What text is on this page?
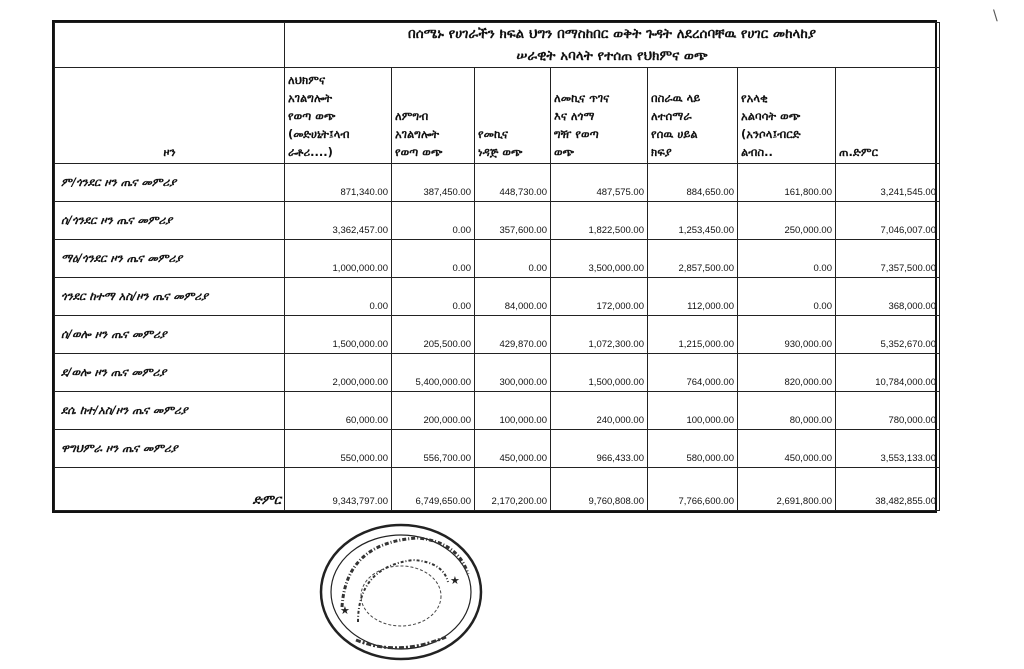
\

	በሰሜኑ የሀገራችን ክፍል ህግን በማስከበር ወቅት ጉዳት ለደረሰባቸዉ የሀገር መከላከያ
ሠራዊት አባላት የተሰጠ የህክምና ወጭ						

ዞን	ለህክምና
አገልግሎት
የወጣ ወጭ
(መድሀኒት፤ላብ
ራቶሪ....)	ለምግብ
አገልግሎት
የወጣ ወጭ	የመኪና
ነዳጅ ወጭ	ለመኪና ጥገና
እና ለጎማ
ግዥ የወጣ
ወጭ	በስራዉ ላይ
ለተሰማራ
የሰዉ ሀይል
ክፍያ	የአላቂ
አልባሳት ወጭ
(አንሶላ፤ብርድ
ልብስ..	ጠ.ድምር
ም/ጎንደር ዞን ጤና መምሪያ	871,340.00	387,450.00	448,730.00	487,575.00	884,650.00	161,800.00	3,241,545.00
ሰ/ጎንደር ዞን ጤና መምሪያ	3,362,457.00	0.00	357,600.00	1,822,500.00	1,253,450.00	250,000.00	7,046,007.00
ማዕ/ጎንደር ዞን ጤና መምሪያ	1,000,000.00	0.00	0.00	3,500,000.00	2,857,500.00	0.00	7,357,500.00
ጎንደር ከተማ አስ/ዞን ጤና መምሪያ	0.00	0.00	84,000.00	172,000.00	112,000.00	0.00	368,000.00
ሰ/ወሎ ዞን ጤና መምሪያ	1,500,000.00	205,500.00	429,870.00	1,072,300.00	1,215,000.00	930,000.00	5,352,670.00
ደ/ወሎ ዞን ጤና መምሪያ	2,000,000.00	5,400,000.00	300,000.00	1,500,000.00	764,000.00	820,000.00	10,784,000.00
ደሴ ከተ/አስ/ዞን ጤና መምሪያ	60,000.00	200,000.00	100,000.00	240,000.00	100,000.00	80,000.00	780,000.00
ዋግህምራ ዞን ጤና መምሪያ	550,000.00	556,700.00	450,000.00	966,433.00	580,000.00	450,000.00	3,553,133.00
ድምር	9,343,797.00	6,749,650.00	2,170,200.00	9,760,808.00	7,766,600.00	2,691,800.00	38,482,855.00
★
★
